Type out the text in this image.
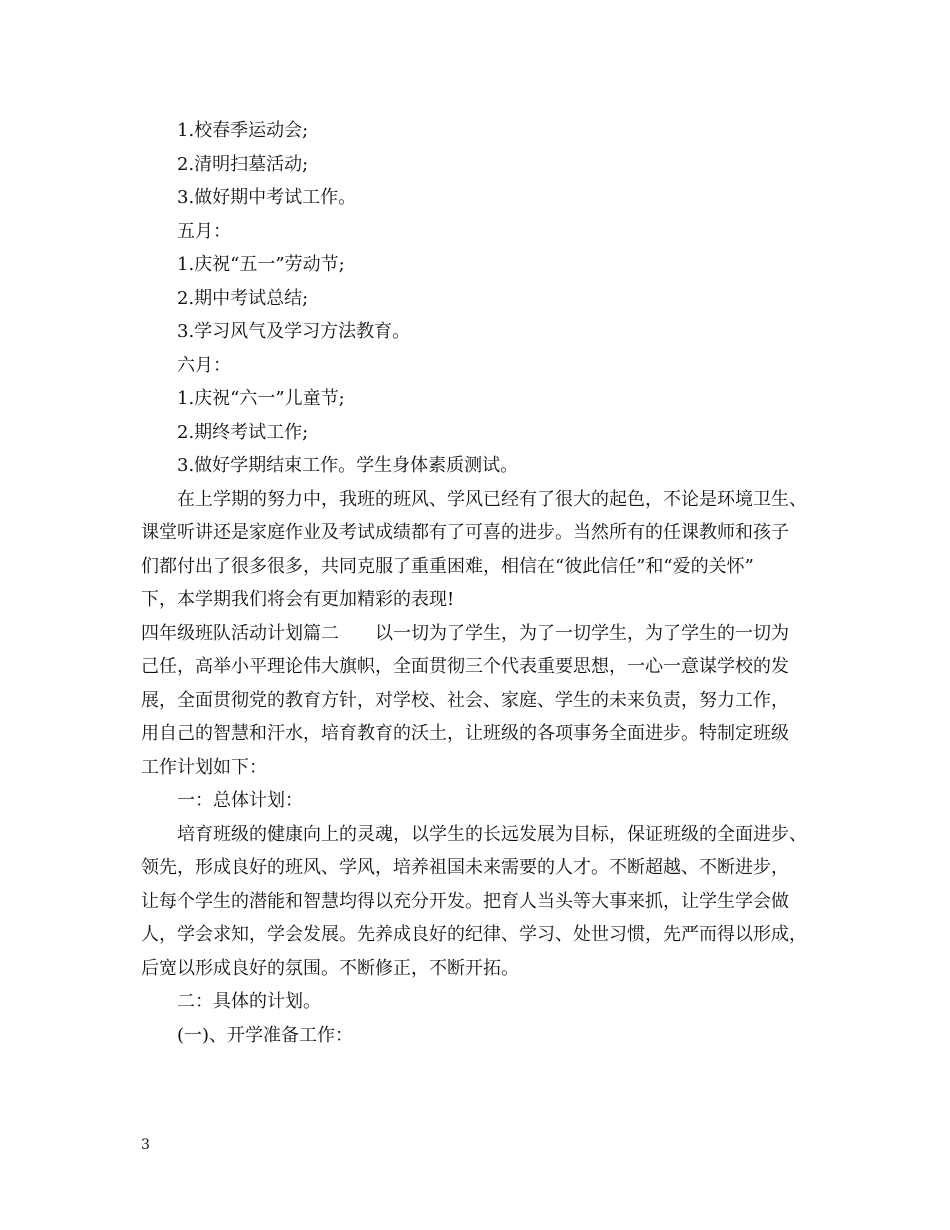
1.校春季运动会;
2.清明扫墓活动;
3.做好期中考试工作。
五月：
1.庆祝“五一”劳动节;
2.期中考试总结;
3.学习风气及学习方法教育。
六月：
1.庆祝“六一”儿童节;
2.期终考试工作;
3.做好学期结束工作。学生身体素质测试。
在上学期的努力中，我班的班风、学风已经有了很大的起色，不论是环境卫生、
课堂听讲还是家庭作业及考试成绩都有了可喜的进步。当然所有的任课教师和孩子
们都付出了很多很多，共同克服了重重困难，相信在“彼此信任”和“爱的关怀”
下，本学期我们将会有更加精彩的表现!
四年级班队活动计划篇二　　以一切为了学生，为了一切学生，为了学生的一切为
己任，高举小平理论伟大旗帜，全面贯彻三个代表重要思想，一心一意谋学校的发
展，全面贯彻党的教育方针，对学校、社会、家庭、学生的未来负责，努力工作，
用自己的智慧和汗水，培育教育的沃土，让班级的各项事务全面进步。特制定班级
工作计划如下：
一：总体计划：
培育班级的健康向上的灵魂，以学生的长远发展为目标，保证班级的全面进步、
领先，形成良好的班风、学风，培养祖国未来需要的人才。不断超越、不断进步，
让每个学生的潜能和智慧均得以充分开发。把育人当头等大事来抓，让学生学会做
人，学会求知，学会发展。先养成良好的纪律、学习、处世习惯，先严而得以形成，
后宽以形成良好的氛围。不断修正，不断开拓。
二：具体的计划。
(一)、开学准备工作：
3
